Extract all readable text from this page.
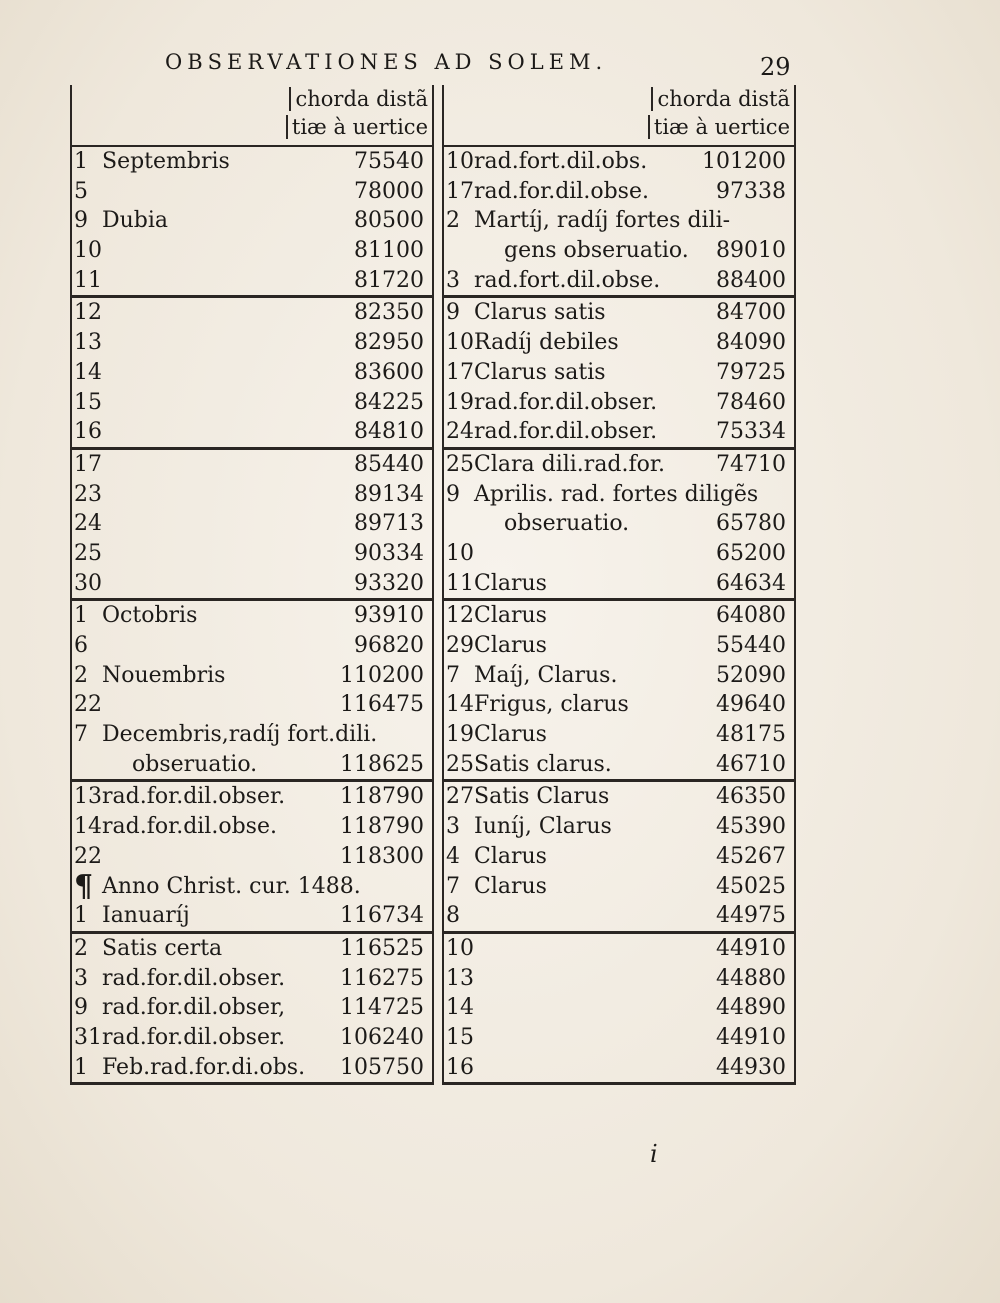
OBSERVATIONES AD SOLEM.	29
chorda distã
tiæ à uertice
1 Septembris	75540
5	78000
9 Dubia	80500
10	81100
11	81720
12	82350
13	82950
14	83600
15	84225
16	84810
17	85440
23	89134
24	89713
25	90334
30	93320
1 Octobris	93910
6	96820
2 Nouembris	110200
22	116475
7 Decembris,radíj fort.dili.
obseruatio.	118625
13 rad.for.dil.obser. 118790
14 rad.for.dil.obse.	118790
22	118300
¶ Anno Christ. cur. 1488.
1 Ianuaríj	116734
2 Satis certa	116525
3 rad.for.dil.obser. 116275
9 rad.for.dil.obser, 114725
31 rad.for.dil.obser. 106240
1 Feb.rad.for.di.obs. 105750
chorda distã
tiæ à uertice
10 rad.fort.dil.obs. 101200
17 rad.for.dil.obse.	97338
2 Martíj, radíj fortes dili-
gens obseruatio. 89010
3 rad.fort.dil.obse.	88400
9 Clarus satis	84700
10 Radíj debiles	84090
17 Clarus satis	79725
19 rad.for.dil.obser.	78460
24 rad.for.dil.obser.	75334
25 Clara dili.rad.for. 74710
9 Aprilis. rad. fortes diligẽs
obseruatio.	65780
10	65200
11 Clarus	64634
12 Clarus	64080
29 Clarus	55440
7 Maíj, Clarus.	52090
14 Frigus, clarus	49640
19 Clarus	48175
25 Satis clarus.	46710
27 Satis Clarus	46350
3 Iuníj, Clarus	45390
4 Clarus	45267
7 Clarus	45025
8	44975
10	44910
13	44880
14	44890
15	44910
16	44930
i
